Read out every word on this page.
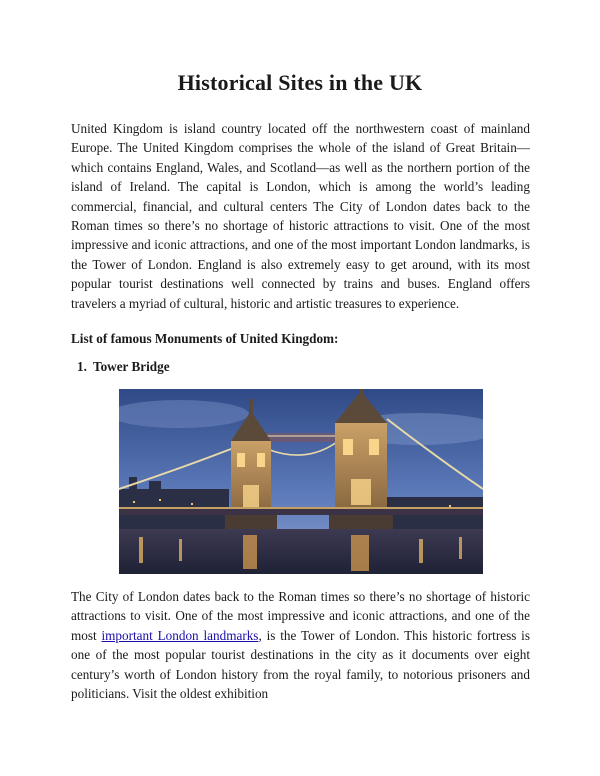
Historical Sites in the UK

United Kingdom is island country located off the northwestern coast of mainland Europe. The United Kingdom comprises the whole of the island of Great Britain—which contains England, Wales, and Scotland—as well as the northern portion of the island of Ireland. The capital is London, which is among the world’s leading commercial, financial, and cultural centers The City of London dates back to the Roman times so there’s no shortage of historic attractions to visit. One of the most impressive and iconic attractions, and one of the most important London landmarks, is the Tower of London. England is also extremely easy to get around, with its most popular tourist destinations well connected by trains and buses. England offers travelers a myriad of cultural, historic and artistic treasures to experience.

List of famous Monuments of United Kingdom:

1. Tower Bridge

The City of London dates back to the Roman times so there’s no shortage of historic attractions to visit. One of the most impressive and iconic attractions, and one of the most important London landmarks, is the Tower of London. This historic fortress is one of the most popular tourist destinations in the city as it documents over eight century’s worth of London history from the royal family, to notorious prisoners and politicians. Visit the oldest exhibition
